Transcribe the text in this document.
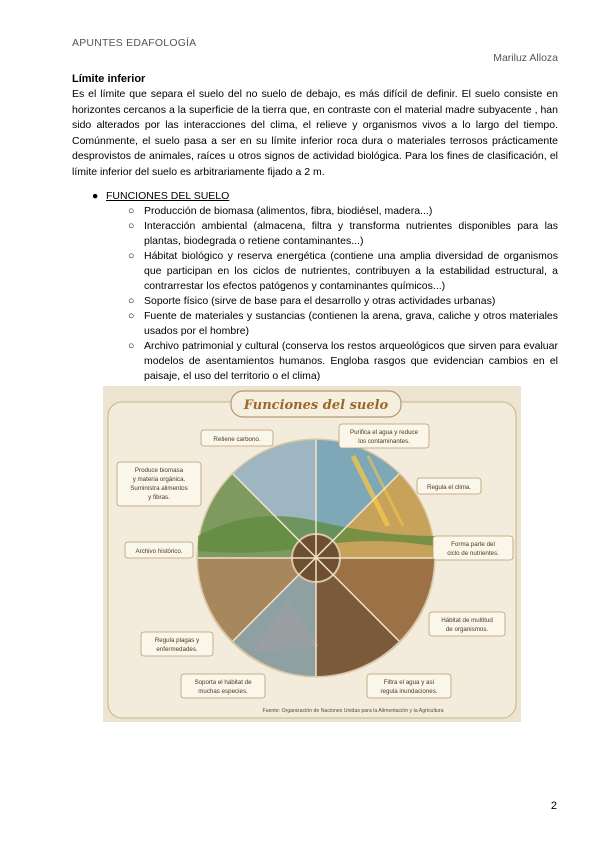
APUNTES EDAFOLOGÍA
Mariluz Alloza
Límite inferior
Es el límite que separa el suelo del no suelo de debajo, es más difícil de definir. El suelo consiste en horizontes cercanos a la superficie de la tierra que, en contraste con el material madre subyacente , han sido alterados por las interacciones del clima, el relieve y organismos vivos a lo largo del tiempo. Comúnmente, el suelo pasa a ser en su límite inferior roca dura o materiales terrosos prácticamente desprovistos de animales, raíces u otros signos de actividad biológica. Para los fines de clasificación, el límite inferior del suelo es arbitrariamente fijado a 2 m.
● FUNCIONES DEL SUELO
○ Producción de biomasa (alimentos, fibra, biodiésel, madera...)
○ Interacción ambiental (almacena, filtra y transforma nutrientes disponibles para las plantas, biodegrada o retiene contaminantes...)
○ Hábitat biológico y reserva energética (contiene una amplia diversidad de organismos que participan en los ciclos de nutrientes, contribuyen a la estabilidad estructural, a contrarrestar los efectos patógenos y contaminantes químicos...)
○ Soporte físico (sirve de base para el desarrollo y otras actividades urbanas)
○ Fuente de materiales y sustancias (contienen la arena, grava, caliche y otros materiales usados por el hombre)
○ Archivo patrimonial y cultural (conserva los restos arqueológicos que sirven para evaluar modelos de asentamientos humanos. Engloba rasgos que evidencian cambios en el paisaje, el uso del territorio o el clima)
Funciones del suelo
Retiene carbono.
Purifica el agua y reduce
los contaminantes.
Produce biomasa
y materia orgánica.
Suministra alimentos
y fibras.
Regula el clima.
Archivo histórico.
Forma parte del
ciclo de nutrientes.
Hábitat de multitud
de organismos.
Regula plagas y
enfermedades.
Soporta el hábitat de
muchas especies.
Filtra el agua y así
regula inundaciones.
Fuente: Organización de Naciones Unidas para la Alimentación y la Agricultura
2
